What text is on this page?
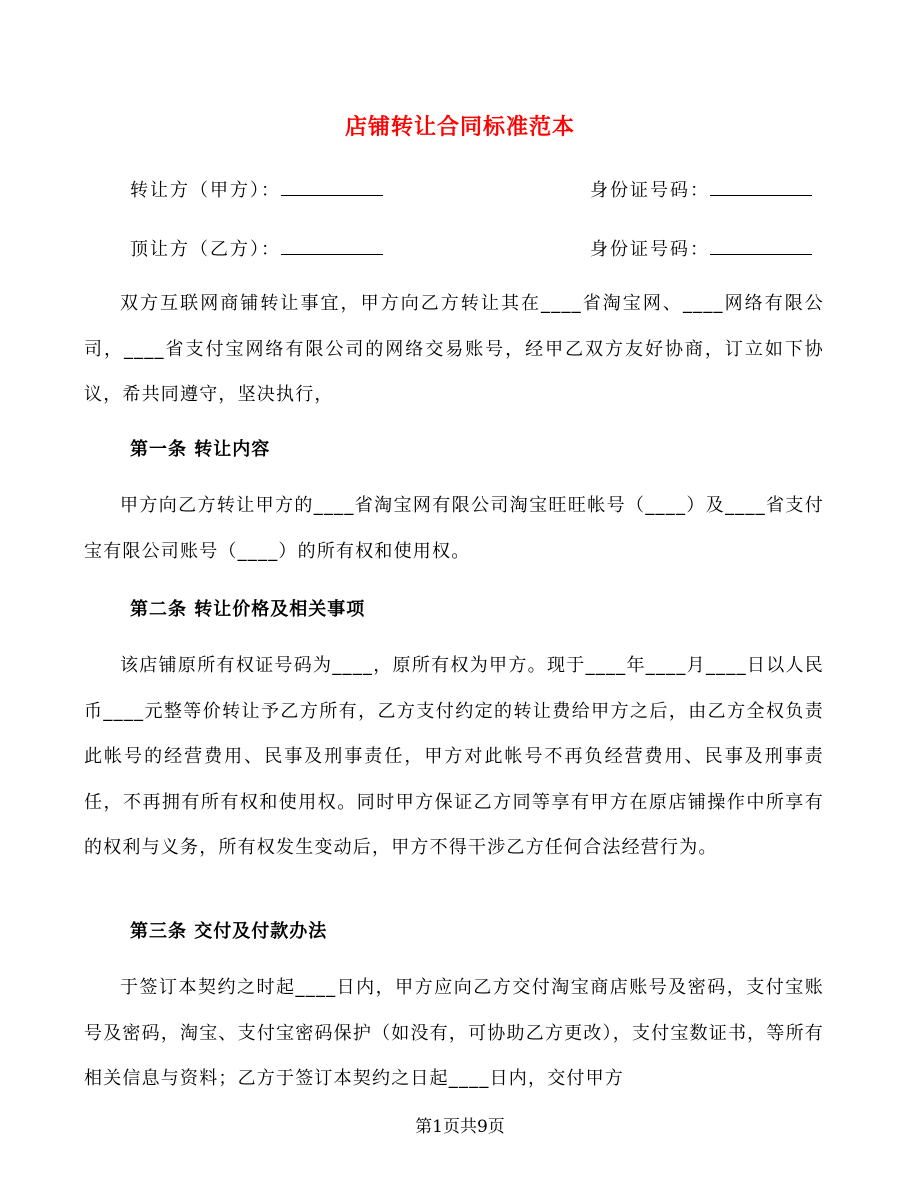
店铺转让合同标准范本
转让方（甲方）：	身份证号码：
顶让方（乙方）：	身份证号码：

双方互联网商铺转让事宜，甲方向乙方转让其在____省淘宝网、____网络有限公司，____省支付宝网络有限公司的网络交易账号，经甲乙双方友好协商，订立如下协议，希共同遵守，坚决执行，

第一条 转让内容

甲方向乙方转让甲方的____省淘宝网有限公司淘宝旺旺帐号（____）及____省支付宝有限公司账号（____）的所有权和使用权。

第二条 转让价格及相关事项

该店铺原所有权证号码为____，原所有权为甲方。现于____年____月____日以人民币____元整等价转让予乙方所有，乙方支付约定的转让费给甲方之后，由乙方全权负责此帐号的经营费用、民事及刑事责任，甲方对此帐号不再负经营费用、民事及刑事责任，不再拥有所有权和使用权。同时甲方保证乙方同等享有甲方在原店铺操作中所享有的权利与义务，所有权发生变动后，甲方不得干涉乙方任何合法经营行为。

第三条 交付及付款办法

于签订本契约之时起____日内，甲方应向乙方交付淘宝商店账号及密码，支付宝账号及密码，淘宝、支付宝密码保护（如没有，可协助乙方更改），支付宝数证书，等所有相关信息与资料；乙方于签订本契约之日起____日内，交付甲方

第1页共9页
